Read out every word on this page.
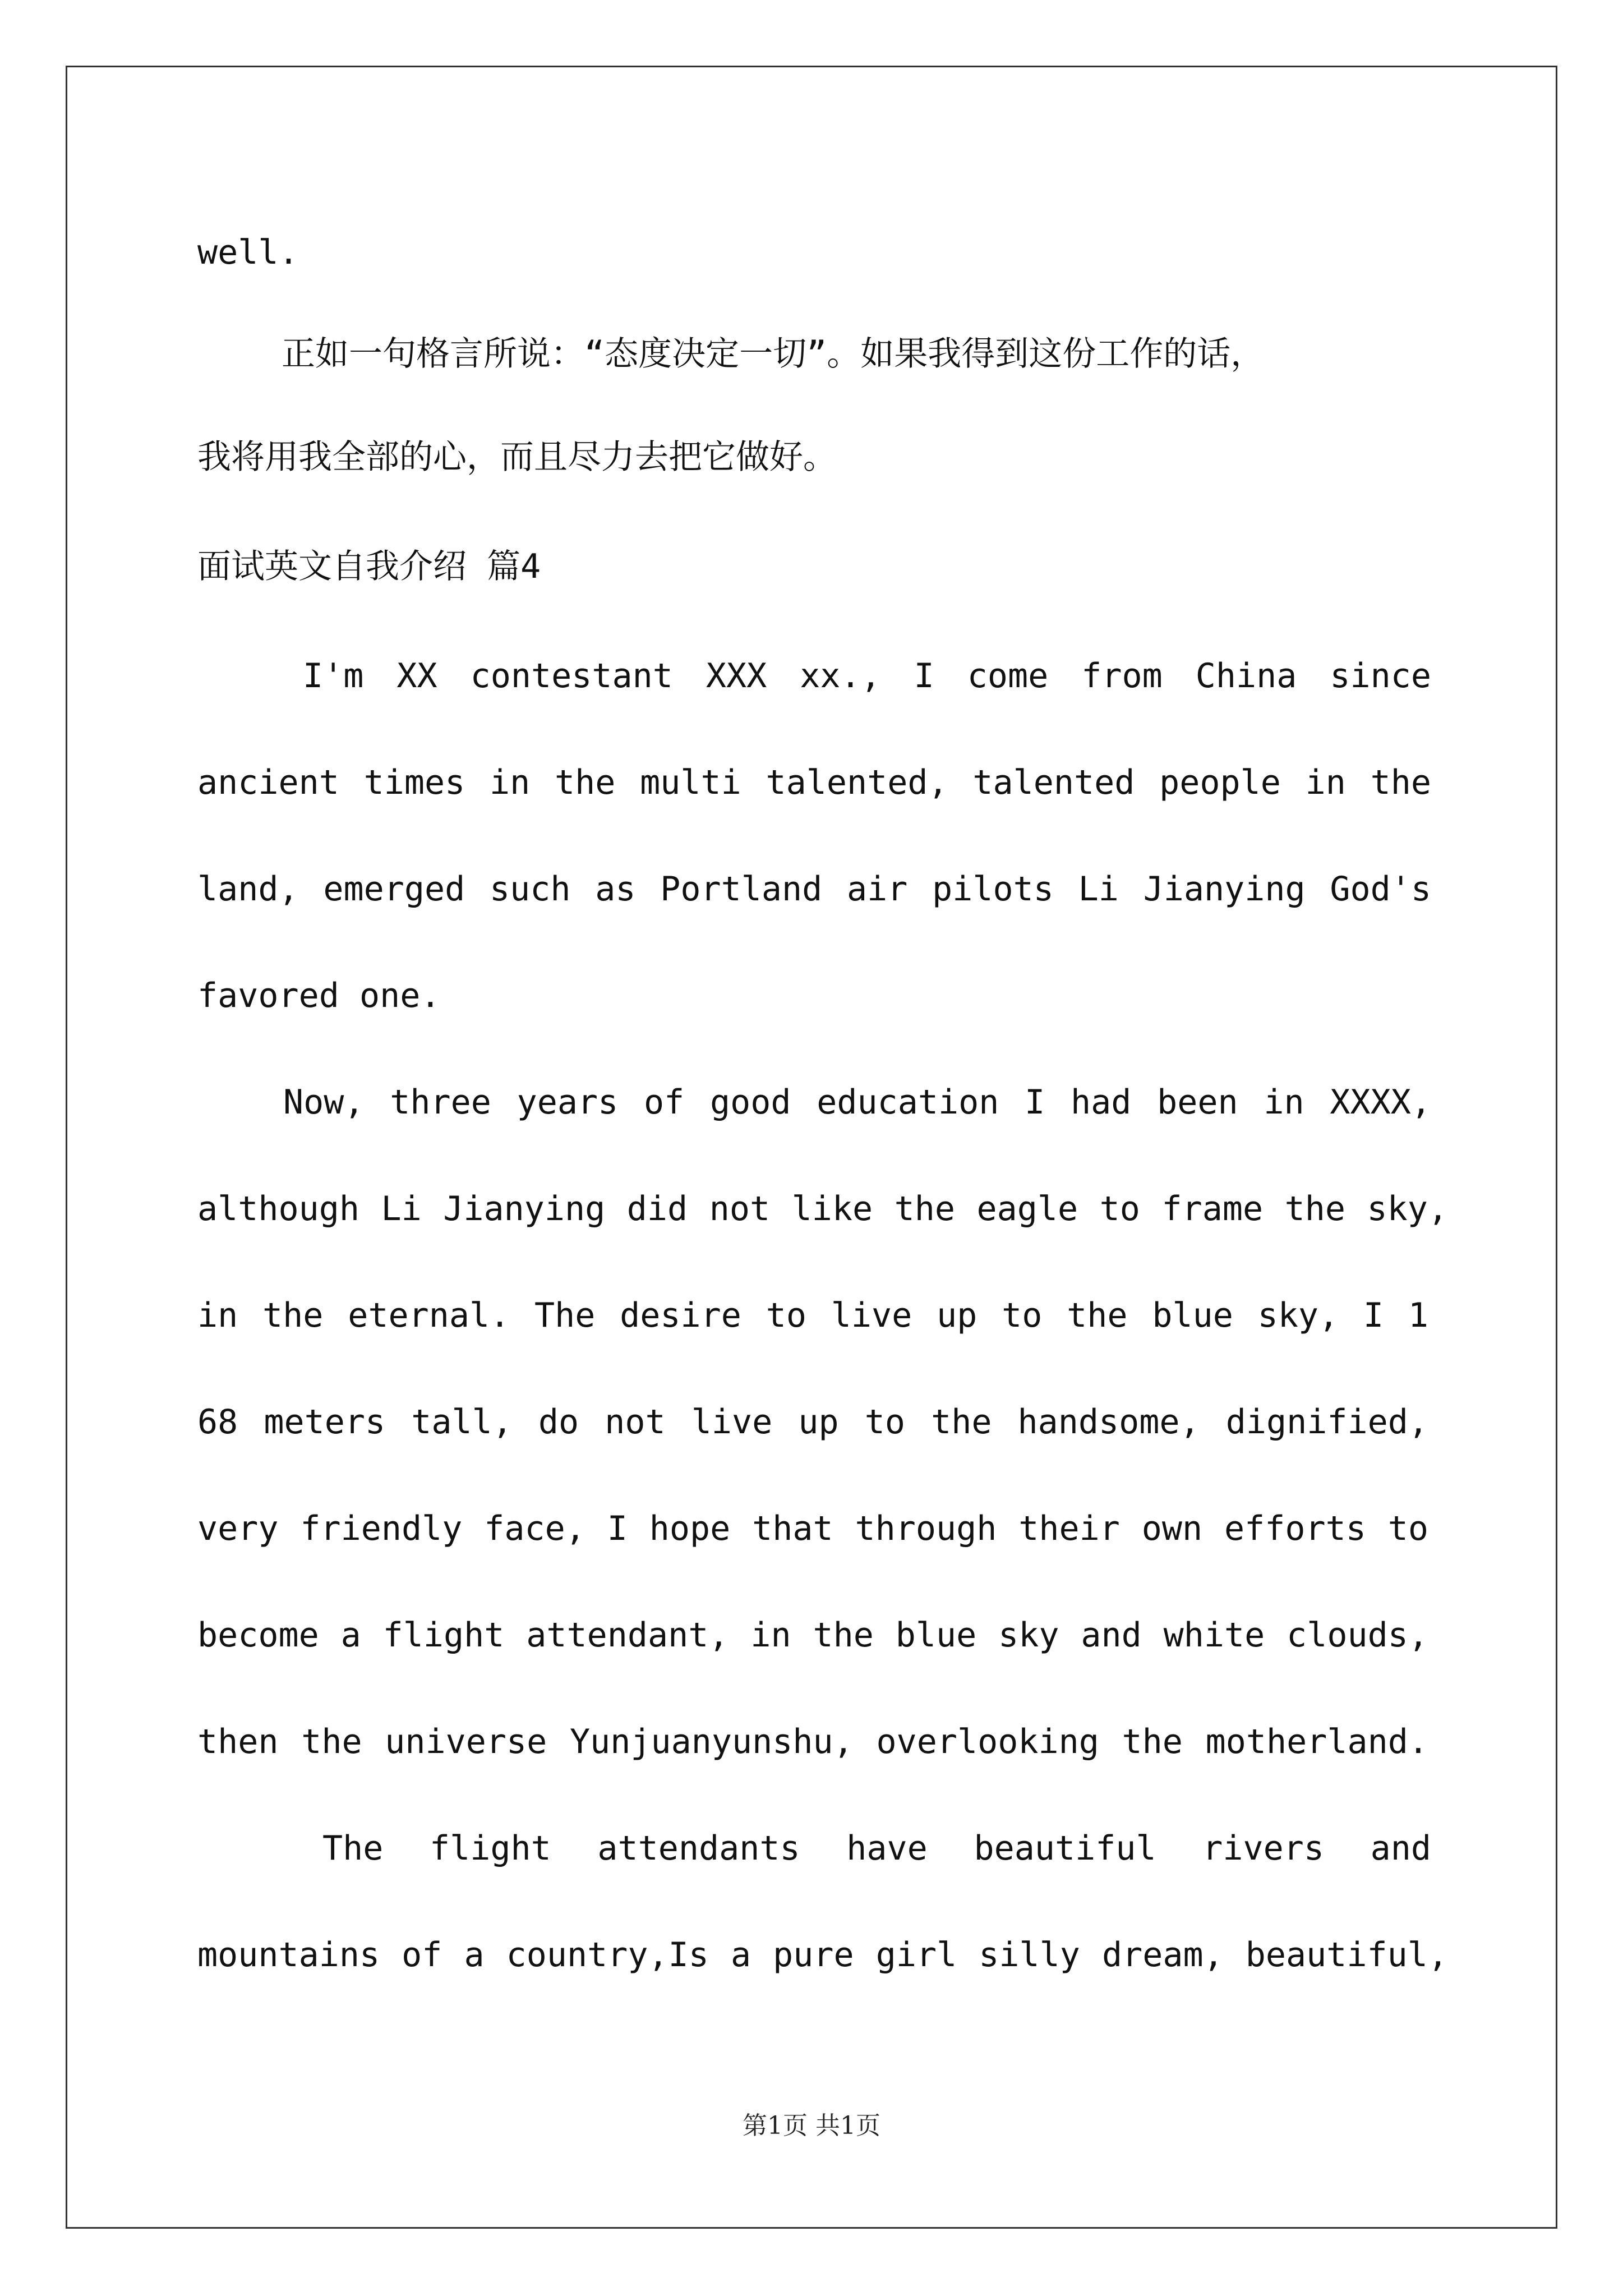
well.
正如一句格言所说：“态度决定一切”。如果我得到这份工作的话，
我将用我全部的心，而且尽力去把它做好。
面试英文自我介绍 篇4
I'm XX contestant XXX xx., I come from China since
ancient times in the multi talented, talented people in the
land, emerged such as Portland air pilots Li Jianying God's
favored one.
Now, three years of good education I had been in XXXX,
although Li Jianying did not like the eagle to frame the sky,
in the eternal. The desire to live up to the blue sky, I 1
68 meters tall, do not live up to the handsome, dignified,
very friendly face, I hope that through their own efforts to
become a flight attendant, in the blue sky and white clouds,
then the universe Yunjuanyunshu, overlooking the motherland.
The flight attendants have beautiful rivers and
mountains of a country,Is a pure girl silly dream, beautiful,
第1页 共1页
